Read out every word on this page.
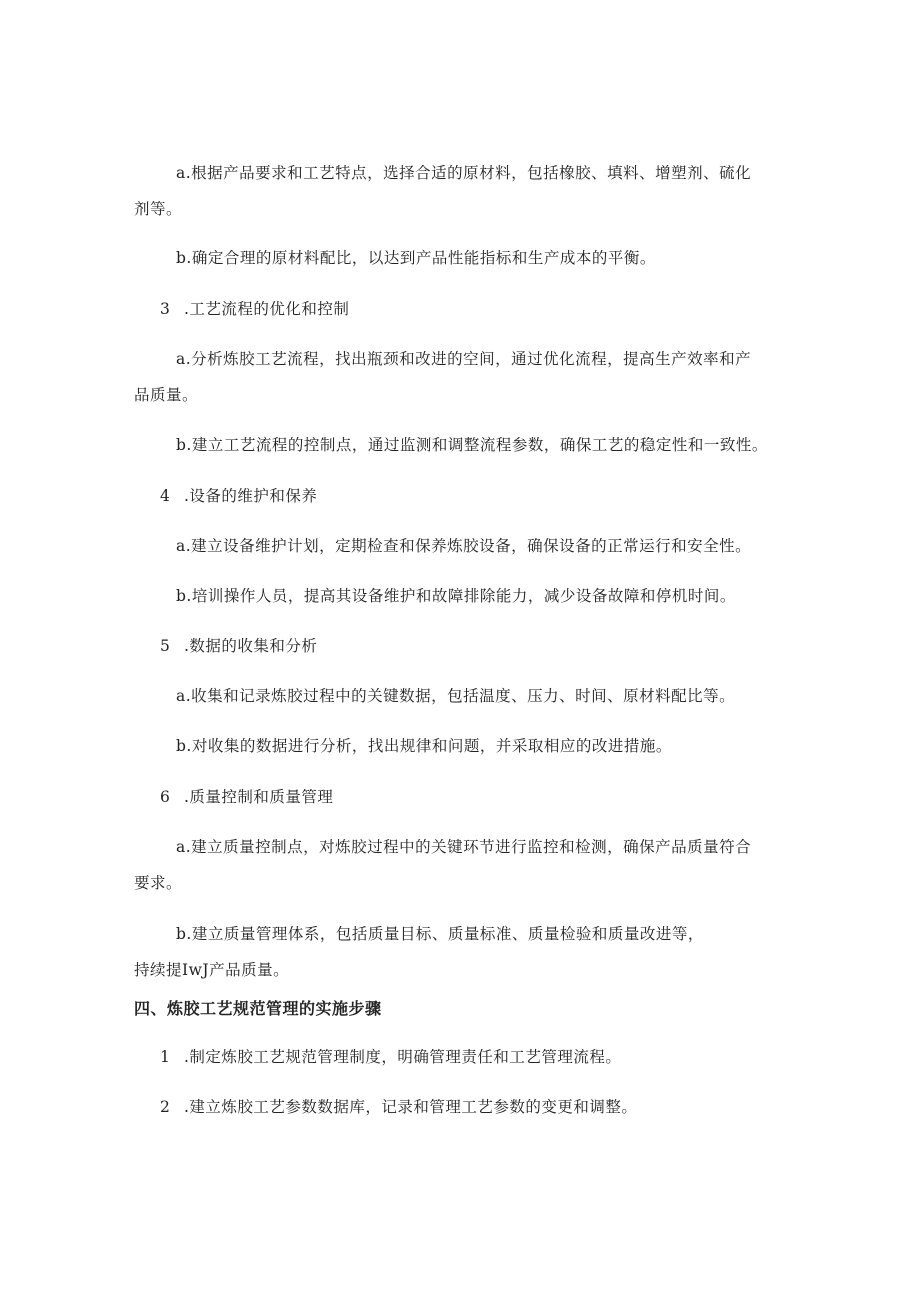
a.根据产品要求和工艺特点，选择合适的原材料，包括橡胶、填料、增塑剂、硫化
剂等。
b.确定合理的原材料配比，以达到产品性能指标和生产成本的平衡。
3 .工艺流程的优化和控制
a.分析炼胶工艺流程，找出瓶颈和改进的空间，通过优化流程，提高生产效率和产
品质量。
b.建立工艺流程的控制点，通过监测和调整流程参数，确保工艺的稳定性和一致性。
4 .设备的维护和保养
a.建立设备维护计划，定期检查和保养炼胶设备，确保设备的正常运行和安全性。
b.培训操作人员，提高其设备维护和故障排除能力，减少设备故障和停机时间。
5 .数据的收集和分析
a.收集和记录炼胶过程中的关键数据，包括温度、压力、时间、原材料配比等。
b.对收集的数据进行分析，找出规律和问题，并采取相应的改进措施。
6 .质量控制和质量管理
a.建立质量控制点，对炼胶过程中的关键环节进行监控和检测，确保产品质量符合
要求。
b.建立质量管理体系，包括质量目标、质量标准、质量检验和质量改进等，
持续提IwJ产品质量。
四、炼胶工艺规范管理的实施步骤
1 .制定炼胶工艺规范管理制度，明确管理责任和工艺管理流程。
2 .建立炼胶工艺参数数据库，记录和管理工艺参数的变更和调整。
